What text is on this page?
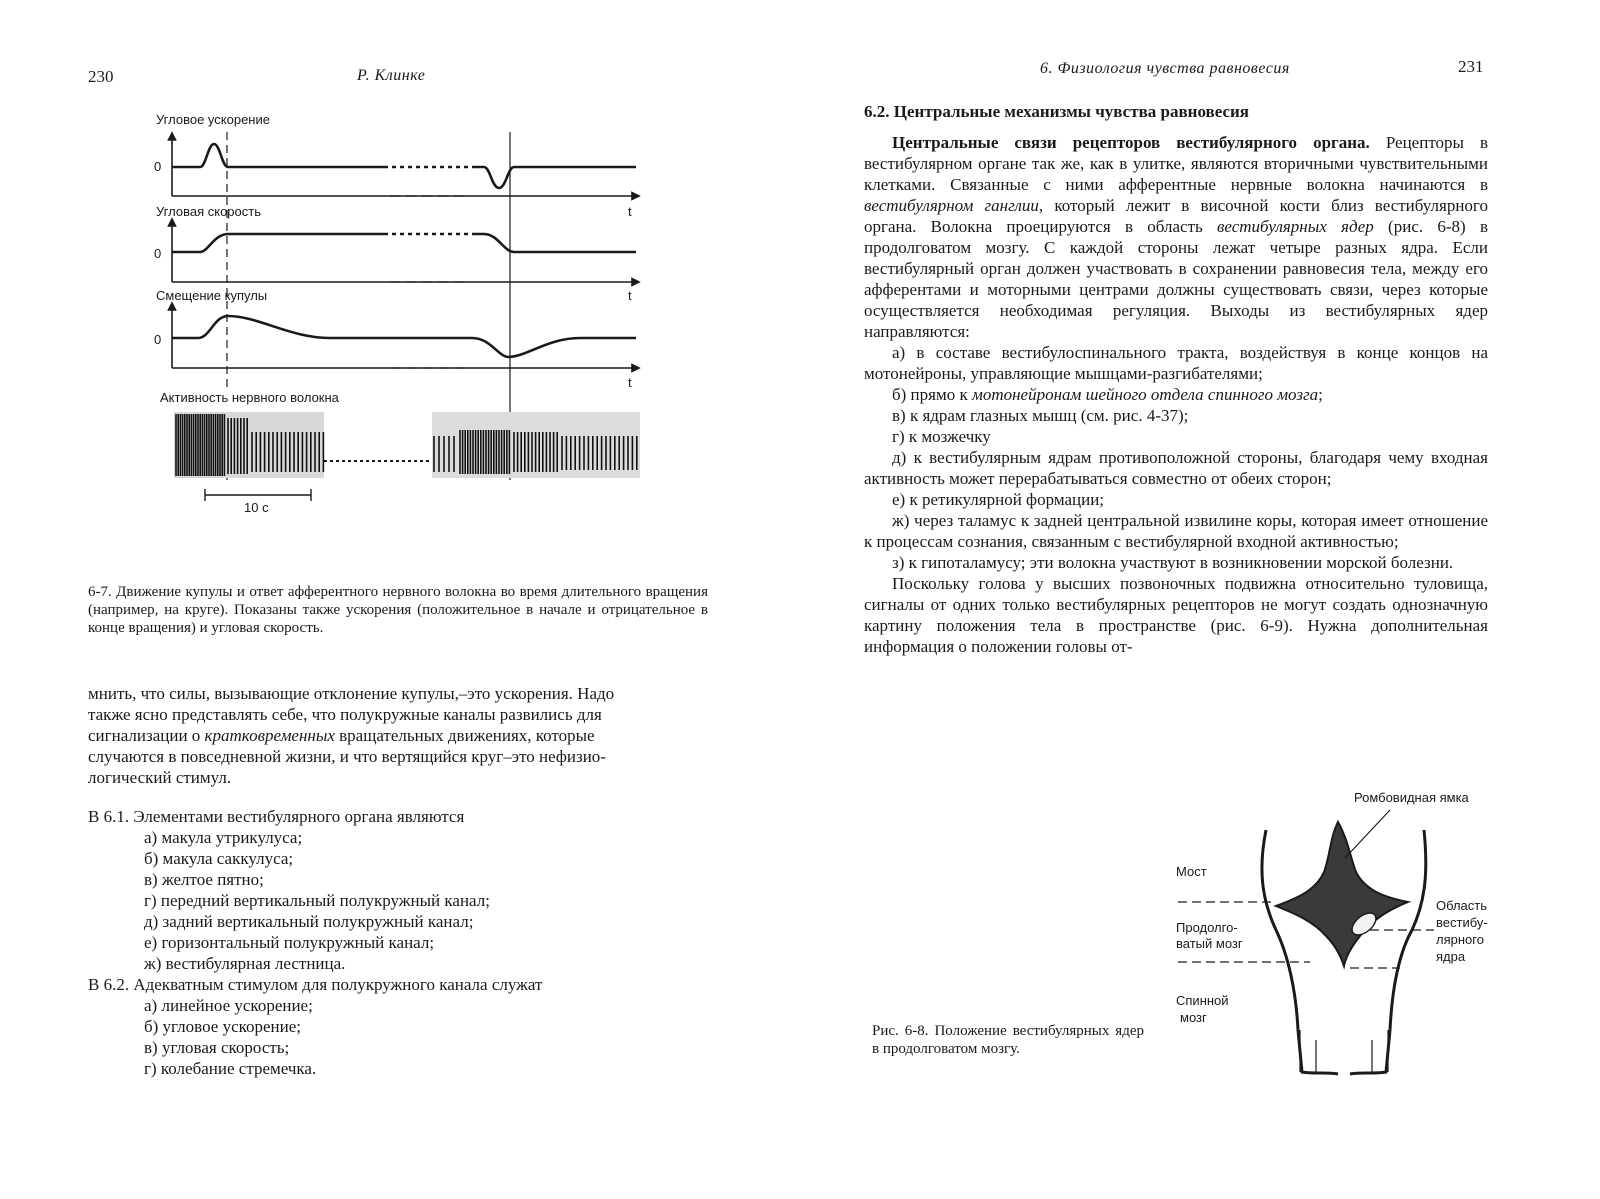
230	Р. Клинке
Угловое ускорение
Угловая скорость
Смещение купулы
Активность нервного волокна
0
0
0
t
t
t
10 с
6-7. Движение купулы и ответ афферентного нервного волокна во время длительного вращения (например, на круге). Показаны также ускорения (положительное в начале и отрицательное в конце вращения) и угловая скорость.
мнить, что силы, вызывающие отклонение купулы,–это ускорения. Надо
также ясно представлять себе, что полукружные каналы развились для
сигнализации о кратковременных вращательных движениях, которые
случаются в повседневной жизни, и что вертящийся круг–это нефизио-
логический стимул.
В 6.1. Элементами вестибулярного органа являются
а) макула утрикулуса;
б) макула саккулуса;
в) желтое пятно;
г) передний вертикальный полукружный канал;
д) задний вертикальный полукружный канал;
е) горизонтальный полукружный канал;
ж) вестибулярная лестница.
В 6.2. Адекватным стимулом для полукружного канала служат
а) линейное ускорение;
б) угловое ускорение;
в) угловая скорость;
г) колебание стремечка.
6. Физиология чувства равновесия	231
6.2. Центральные механизмы чувства равновесия

Центральные связи рецепторов вестибулярного органа. Рецепторы в вестибулярном органе так же, как в улитке, являются вторичными чувствительными клетками. Связанные с ними афферентные нервные волокна начинаются в вестибулярном ганглии, который лежит в височной кости близ вестибулярного органа. Волокна проецируются в область вестибулярных ядер (рис. 6-8) в продолговатом мозгу. С каждой стороны лежат четыре разных ядра. Если вестибулярный орган должен участвовать в сохранении равновесия тела, между его афферентами и моторными центрами должны существовать связи, через которые осуществляется необходимая регуляция. Выходы из вестибулярных ядер направляются:

а) в составе вестибулоспинального тракта, воздействуя в конце концов на мотонейроны, управляющие мышцами-разгибателями;

б) прямо к мотонейронам шейного отдела спинного мозга;

в) к ядрам глазных мышц (см. рис. 4-37);

г) к мозжечку

д) к вестибулярным ядрам противоположной стороны, благодаря чему входная активность может перерабатываться совместно от обеих сторон;

е) к ретикулярной формации;

ж) через таламус к задней центральной извилине коры, которая имеет отношение к процессам сознания, связанным с вестибулярной входной активностью;

з) к гипоталамусу; эти волокна участвуют в возникновении морской болезни.

Поскольку голова у высших позвоночных подвижна относительно туловища, сигналы от одних только вестибулярных рецепторов не могут создать однозначную картину положения тела в пространстве (рис. 6-9). Нужна дополнительная информация о положении головы от-

Ромбовидная ямка
Мост
Продолго-
ватый мозг
Спинной
мозг
Область
вестибу-
лярного
ядра
Рис. 6-8. Положение вестибулярных ядер в продолговатом мозгу.
